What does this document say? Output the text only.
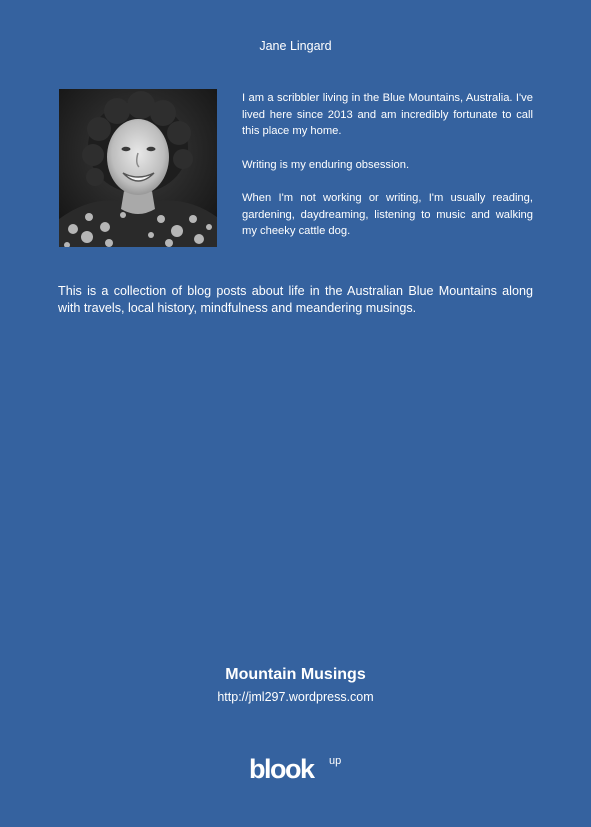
Jane Lingard

I am a scribbler living in the Blue Mountains, Australia. I've lived here since 2013 and am incredibly fortunate to call this place my home.

Writing is my enduring obsession.

When I'm not working or writing, I'm usually reading, gardening, daydreaming, listening to music and walking my cheeky cattle dog.

This is a collection of blog posts about life in the Australian Blue Mountains along with travels, local history, mindfulness and meandering musings.
Mountain Musings
http://jml297.wordpress.com
blook up
